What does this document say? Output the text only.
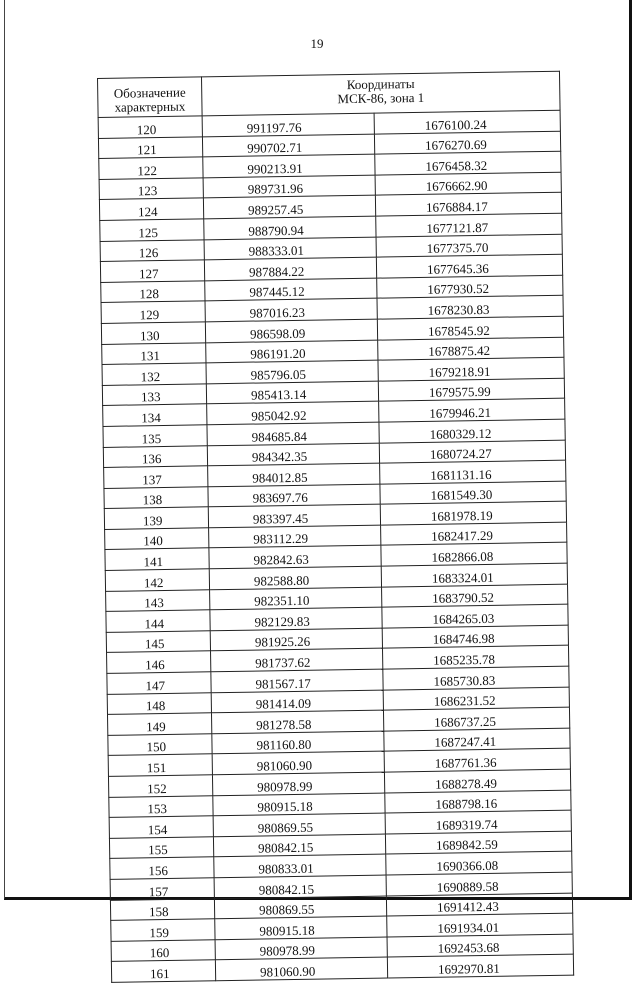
19
Обозначение характерных	Координаты
МСК-86, зона 1	

120	991197.76	1676100.24
121	990702.71	1676270.69
122	990213.91	1676458.32
123	989731.96	1676662.90
124	989257.45	1676884.17
125	988790.94	1677121.87
126	988333.01	1677375.70
127	987884.22	1677645.36
128	987445.12	1677930.52
129	987016.23	1678230.83
130	986598.09	1678545.92
131	986191.20	1678875.42
132	985796.05	1679218.91
133	985413.14	1679575.99
134	985042.92	1679946.21
135	984685.84	1680329.12
136	984342.35	1680724.27
137	984012.85	1681131.16
138	983697.76	1681549.30
139	983397.45	1681978.19
140	983112.29	1682417.29
141	982842.63	1682866.08
142	982588.80	1683324.01
143	982351.10	1683790.52
144	982129.83	1684265.03
145	981925.26	1684746.98
146	981737.62	1685235.78
147	981567.17	1685730.83
148	981414.09	1686231.52
149	981278.58	1686737.25
150	981160.80	1687247.41
151	981060.90	1687761.36
152	980978.99	1688278.49
153	980915.18	1688798.16
154	980869.55	1689319.74
155	980842.15	1689842.59
156	980833.01	1690366.08
157	980842.15	1690889.58
158	980869.55	1691412.43
159	980915.18	1691934.01
160	980978.99	1692453.68
161	981060.90	1692970.81
